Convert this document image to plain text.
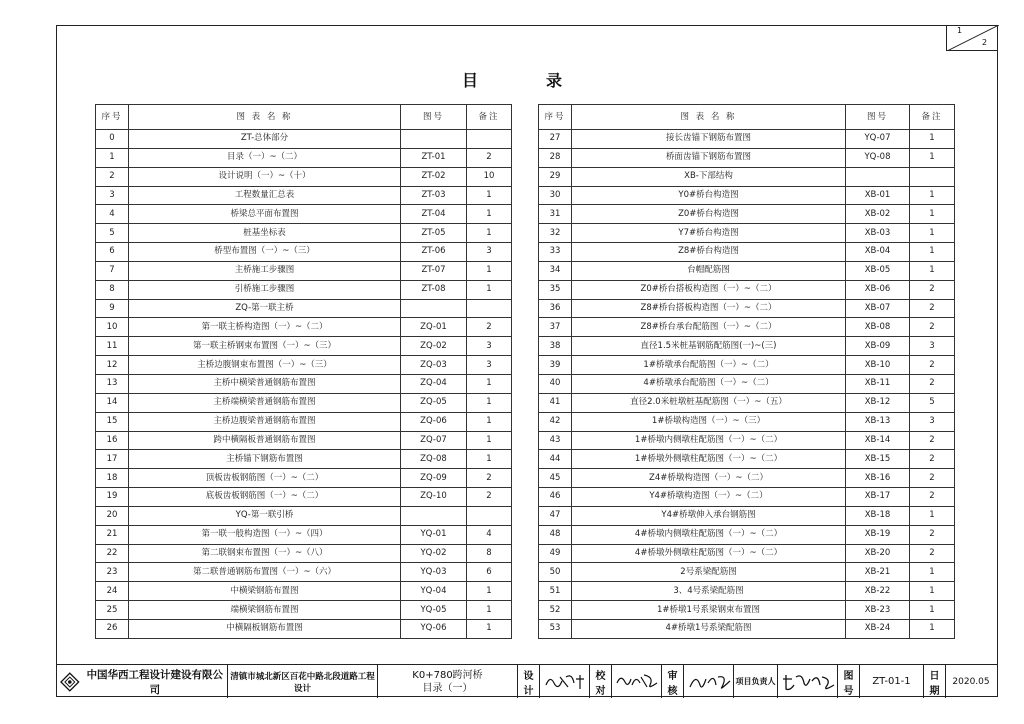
1
2
目录
序号	图 表 名 称	图号	备注
0	ZT-总体部分		
1	目录（一）~（二）	ZT-01	2
2	设计说明（一）~（十）	ZT-02	10
3	工程数量汇总表	ZT-03	1
4	桥梁总平面布置图	ZT-04	1
5	桩基坐标表	ZT-05	1
6	桥型布置图（一）~（三）	ZT-06	3
7	主桥施工步骤图	ZT-07	1
8	引桥施工步骤图	ZT-08	1
9	ZQ-第一联主桥		
10	第一联主桥构造图（一）~（二）	ZQ-01	2
11	第一联主桥钢束布置图（一）~（三）	ZQ-02	3
12	主桥边腹钢束布置图（一）~（三）	ZQ-03	3
13	主桥中横梁普通钢筋布置图	ZQ-04	1
14	主桥端横梁普通钢筋布置图	ZQ-05	1
15	主桥边腹梁普通钢筋布置图	ZQ-06	1
16	跨中横隔板普通钢筋布置图	ZQ-07	1
17	主桥锚下钢筋布置图	ZQ-08	1
18	顶板齿板钢筋图（一）~（二）	ZQ-09	2
19	底板齿板钢筋图（一）~（二）	ZQ-10	2
20	YQ-第一联引桥		
21	第一联一般构造图（一）~（四）	YQ-01	4
22	第二联钢束布置图（一）~（八）	YQ-02	8
23	第二联普通钢筋布置图（一）~（六）	YQ-03	6
24	中横梁钢筋布置图	YQ-04	1
25	端横梁钢筋布置图	YQ-05	1
26	中横隔板钢筋布置图	YQ-06	1
序号	图 表 名 称	图号	备注
27	接长齿锚下钢筋布置图	YQ-07	1
28	桥面齿锚下钢筋布置图	YQ-08	1
29	XB-下部结构		
30	Y0#桥台构造图	XB-01	1
31	Z0#桥台构造图	XB-02	1
32	Y7#桥台构造图	XB-03	1
33	Z8#桥台构造图	XB-04	1
34	台帽配筋图	XB-05	1
35	Z0#桥台搭板构造图（一）~（二）	XB-06	2
36	Z8#桥台搭板构造图（一）~（二）	XB-07	2
37	Z8#桥台承台配筋图（一）~（二）	XB-08	2
38	直径1.5米桩基钢筋配筋图(一)~(三)	XB-09	3
39	1#桥墩承台配筋图（一）~（二）	XB-10	2
40	4#桥墩承台配筋图（一）~（二）	XB-11	2
41	直径2.0米桩墩桩基配筋图（一）~（五）	XB-12	5
42	1#桥墩构造图（一）~（三）	XB-13	3
43	1#桥墩内侧墩柱配筋图（一）~（二）	XB-14	2
44	1#桥墩外侧墩柱配筋图（一）~（二）	XB-15	2
45	Z4#桥墩构造图（一）~（二）	XB-16	2
46	Y4#桥墩构造图（一）~（二）	XB-17	2
47	Y4#桥墩伸入承台钢筋图	XB-18	1
48	4#桥墩内侧墩柱配筋图（一）~（二）	XB-19	2
49	4#桥墩外侧墩柱配筋图（一）~（二）	XB-20	2
50	2号系梁配筋图	XB-21	1
51	3、4号系梁配筋图	XB-22	1
52	1#桥墩1号系梁钢束布置图	XB-23	1
53	4#桥墩1号系梁配筋图	XB-24	1
中国华西工程设计建设有限公司
清镇市城北新区百花中路北段道路工程设计
K0+780跨河桥
目录（一）
设 计
校 对
审 核
项目负责人	图 号
ZT-01-1	日 期
2020.05
